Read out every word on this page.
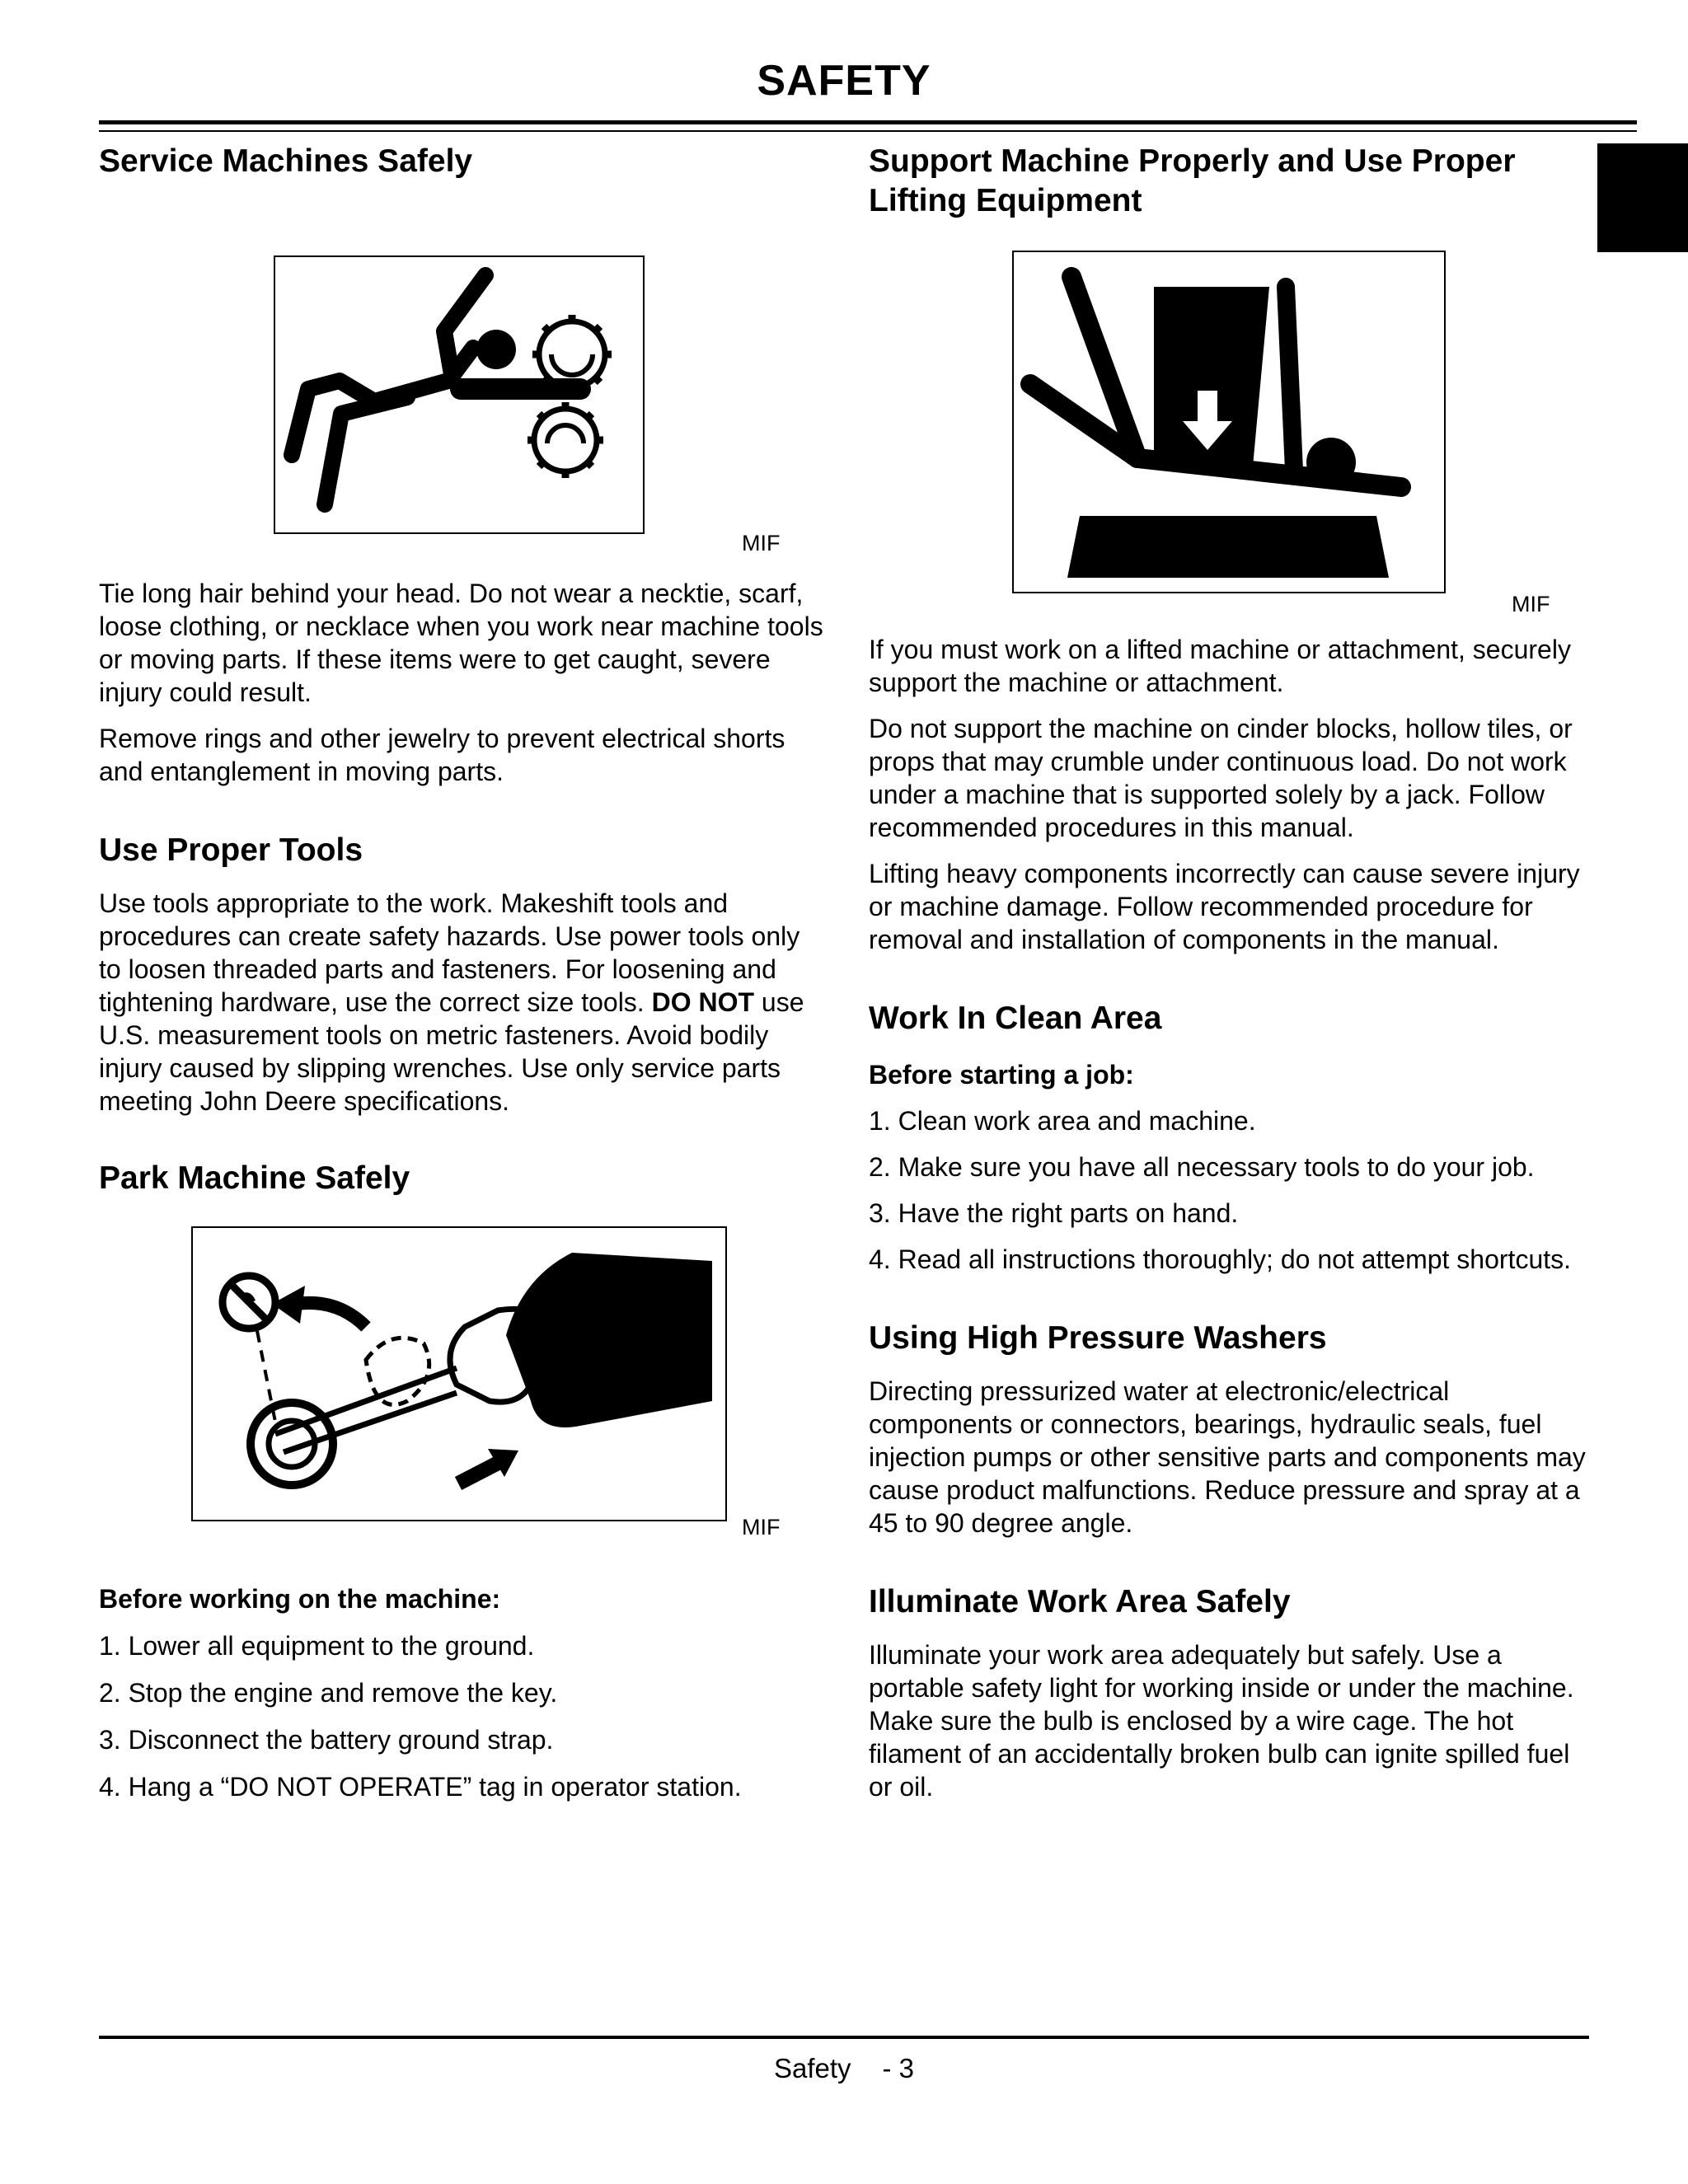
SAFETY
Service Machines Safely
MIF

Tie long hair behind your head. Do not wear a necktie, scarf, loose clothing, or necklace when you work near machine tools or moving parts. If these items were to get caught, severe injury could result.

Remove rings and other jewelry to prevent electrical shorts and entanglement in moving parts.

Use Proper Tools

Use tools appropriate to the work. Makeshift tools and procedures can create safety hazards. Use power tools only to loosen threaded parts and fasteners. For loosening and tightening hardware, use the correct size tools. DO NOT use U.S. measurement tools on metric fasteners. Avoid bodily injury caused by slipping wrenches. Use only service parts meeting John Deere specifications.

Park Machine Safely
MIF

Before working on the machine:

1. Lower all equipment to the ground.
2. Stop the engine and remove the key.
3. Disconnect the battery ground strap.
4. Hang a “DO NOT OPERATE” tag in operator station.
Support Machine Properly and Use Proper Lifting Equipment
MIF

If you must work on a lifted machine or attachment, securely support the machine or attachment.

Do not support the machine on cinder blocks, hollow tiles, or props that may crumble under continuous load. Do not work under a machine that is supported solely by a jack. Follow recommended procedures in this manual.

Lifting heavy components incorrectly can cause severe injury or machine damage. Follow recommended procedure for removal and installation of components in the manual.

Work In Clean Area

Before starting a job:

1. Clean work area and machine.
2. Make sure you have all necessary tools to do your job.
3. Have the right parts on hand.
4. Read all instructions thoroughly; do not attempt shortcuts.
Using High Pressure Washers

Directing pressurized water at electronic/electrical components or connectors, bearings, hydraulic seals, fuel injection pumps or other sensitive parts and components may cause product malfunctions. Reduce pressure and spray at a 45 to 90 degree angle.

Illuminate Work Area Safely

Illuminate your work area adequately but safely. Use a portable safety light for working inside or under the machine. Make sure the bulb is enclosed by a wire cage. The hot filament of an accidentally broken bulb can ignite spilled fuel or oil.

Safety - 3
